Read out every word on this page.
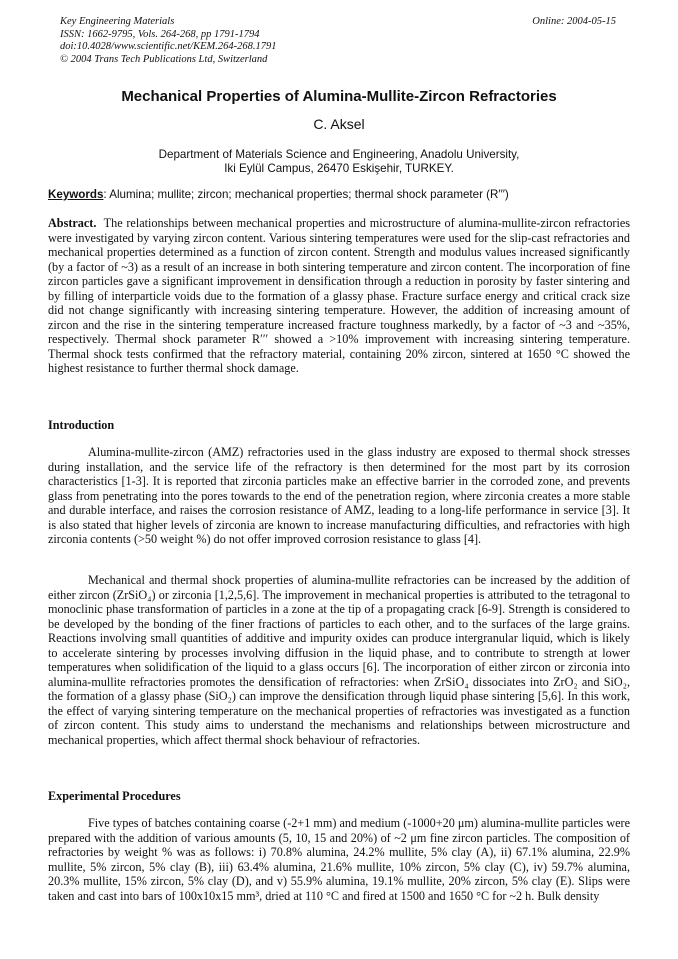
Key Engineering Materials
ISSN: 1662-9795, Vols. 264-268, pp 1791-1794
doi:10.4028/www.scientific.net/KEM.264-268.1791
© 2004 Trans Tech Publications Ltd, Switzerland
Online: 2004-05-15
Mechanical Properties of Alumina-Mullite-Zircon Refractories
C. Aksel
Department of Materials Science and Engineering, Anadolu University,
Iki Eylül Campus, 26470 Eskişehir, TURKEY.
Keywords: Alumina; mullite; zircon; mechanical properties; thermal shock parameter (R′′′)
Abstract. The relationships between mechanical properties and microstructure of alumina-mullite-zircon refractories were investigated by varying zircon content. Various sintering temperatures were used for the slip-cast refractories and mechanical properties determined as a function of zircon content. Strength and modulus values increased significantly (by a factor of ~3) as a result of an increase in both sintering temperature and zircon content. The incorporation of fine zircon particles gave a significant improvement in densification through a reduction in porosity by faster sintering and by filling of interparticle voids due to the formation of a glassy phase. Fracture surface energy and critical crack size did not change significantly with increasing sintering temperature. However, the addition of increasing amount of zircon and the rise in the sintering temperature increased fracture toughness markedly, by a factor of ~3 and ~35%, respectively. Thermal shock parameter R′′′ showed a >10% improvement with increasing sintering temperature. Thermal shock tests confirmed that the refractory material, containing 20% zircon, sintered at 1650 °C showed the highest resistance to further thermal shock damage.
Introduction

Alumina-mullite-zircon (AMZ) refractories used in the glass industry are exposed to thermal shock stresses during installation, and the service life of the refractory is then determined for the most part by its corrosion characteristics [1-3]. It is reported that zirconia particles make an effective barrier in the corroded zone, and prevents glass from penetrating into the pores towards to the end of the penetration region, where zirconia creates a more stable and durable interface, and raises the corrosion resistance of AMZ, leading to a long-life performance in service [3]. It is also stated that higher levels of zirconia are known to increase manufacturing difficulties, and refractories with high zirconia contents (>50 weight %) do not offer improved corrosion resistance to glass [4].

Mechanical and thermal shock properties of alumina-mullite refractories can be increased by the addition of either zircon (ZrSiO₄) or zirconia [1,2,5,6]. The improvement in mechanical properties is attributed to the tetragonal to monoclinic phase transformation of particles in a zone at the tip of a propagating crack [6-9]. Strength is considered to be developed by the bonding of the finer fractions of particles to each other, and to the surfaces of the large grains. Reactions involving small quantities of additive and impurity oxides can produce intergranular liquid, which is likely to accelerate sintering by processes involving diffusion in the liquid phase, and to contribute to strength at lower temperatures when solidification of the liquid to a glass occurs [6]. The incorporation of either zircon or zirconia into alumina-mullite refractories promotes the densification of refractories: when ZrSiO₄ dissociates into ZrO₂ and SiO₂, the formation of a glassy phase (SiO₂) can improve the densification through liquid phase sintering [5,6]. In this work, the effect of varying sintering temperature on the mechanical properties of refractories was investigated as a function of zircon content. This study aims to understand the mechanisms and relationships between microstructure and mechanical properties, which affect thermal shock behaviour of refractories.

Experimental Procedures

Five types of batches containing coarse (-2+1 mm) and medium (-1000+20 μm) alumina-mullite particles were prepared with the addition of various amounts (5, 10, 15 and 20%) of ~2 μm fine zircon particles. The composition of refractories by weight % was as follows: i) 70.8% alumina, 24.2% mullite, 5% clay (A), ii) 67.1% alumina, 22.9% mullite, 5% zircon, 5% clay (B), iii) 63.4% alumina, 21.6% mullite, 10% zircon, 5% clay (C), iv) 59.7% alumina, 20.3% mullite, 15% zircon, 5% clay (D), and v) 55.9% alumina, 19.1% mullite, 20% zircon, 5% clay (E). Slips were taken and cast into bars of 100x10x15 mm³, dried at 110 °C and fired at 1500 and 1650 °C for ~2 h. Bulk density
